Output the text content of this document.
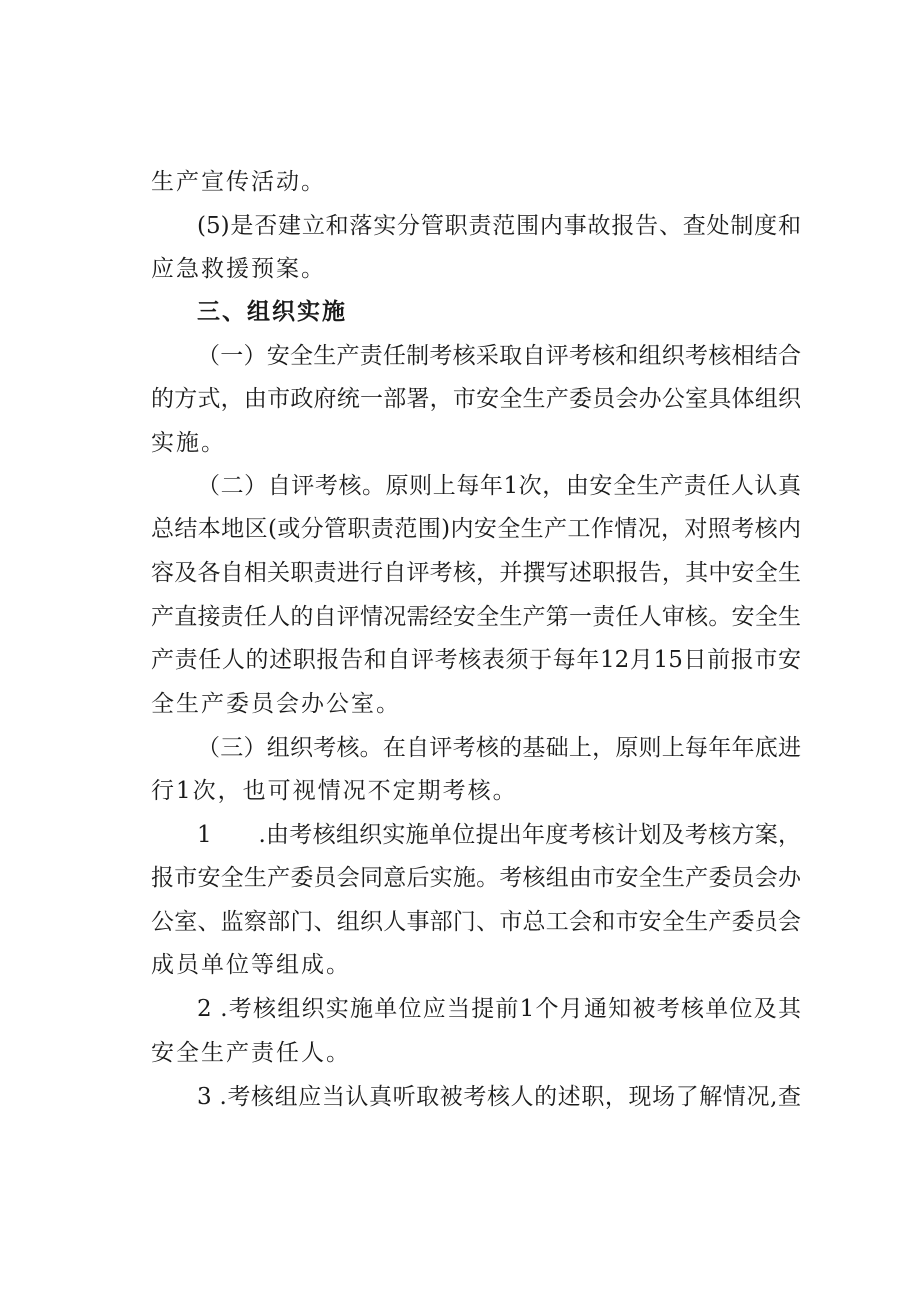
生产宣传活动。
(5)是否建立和落实分管职责范围内事故报告、查处制度和
应急救援预案。
三、组织实施
（一）安全生产责任制考核采取自评考核和组织考核相结合
的方式，由市政府统一部署，市安全生产委员会办公室具体组织
实施。
（二）自评考核。原则上每年1次，由安全生产责任人认真
总结本地区(或分管职责范围)内安全生产工作情况，对照考核内
容及各自相关职责进行自评考核，并撰写述职报告，其中安全生
产直接责任人的自评情况需经安全生产第一责任人审核。安全生
产责任人的述职报告和自评考核表须于每年12月15日前报市安
全生产委员会办公室。
（三）组织考核。在自评考核的基础上，原则上每年年底进
行1次，也可视情况不定期考核。
1　　.由考核组织实施单位提出年度考核计划及考核方案，
报市安全生产委员会同意后实施。考核组由市安全生产委员会办
公室、监察部门、组织人事部门、市总工会和市安全生产委员会
成员单位等组成。
2 .考核组织实施单位应当提前1个月通知被考核单位及其
安全生产责任人。
3 .考核组应当认真听取被考核人的述职，现场了解情况,查
